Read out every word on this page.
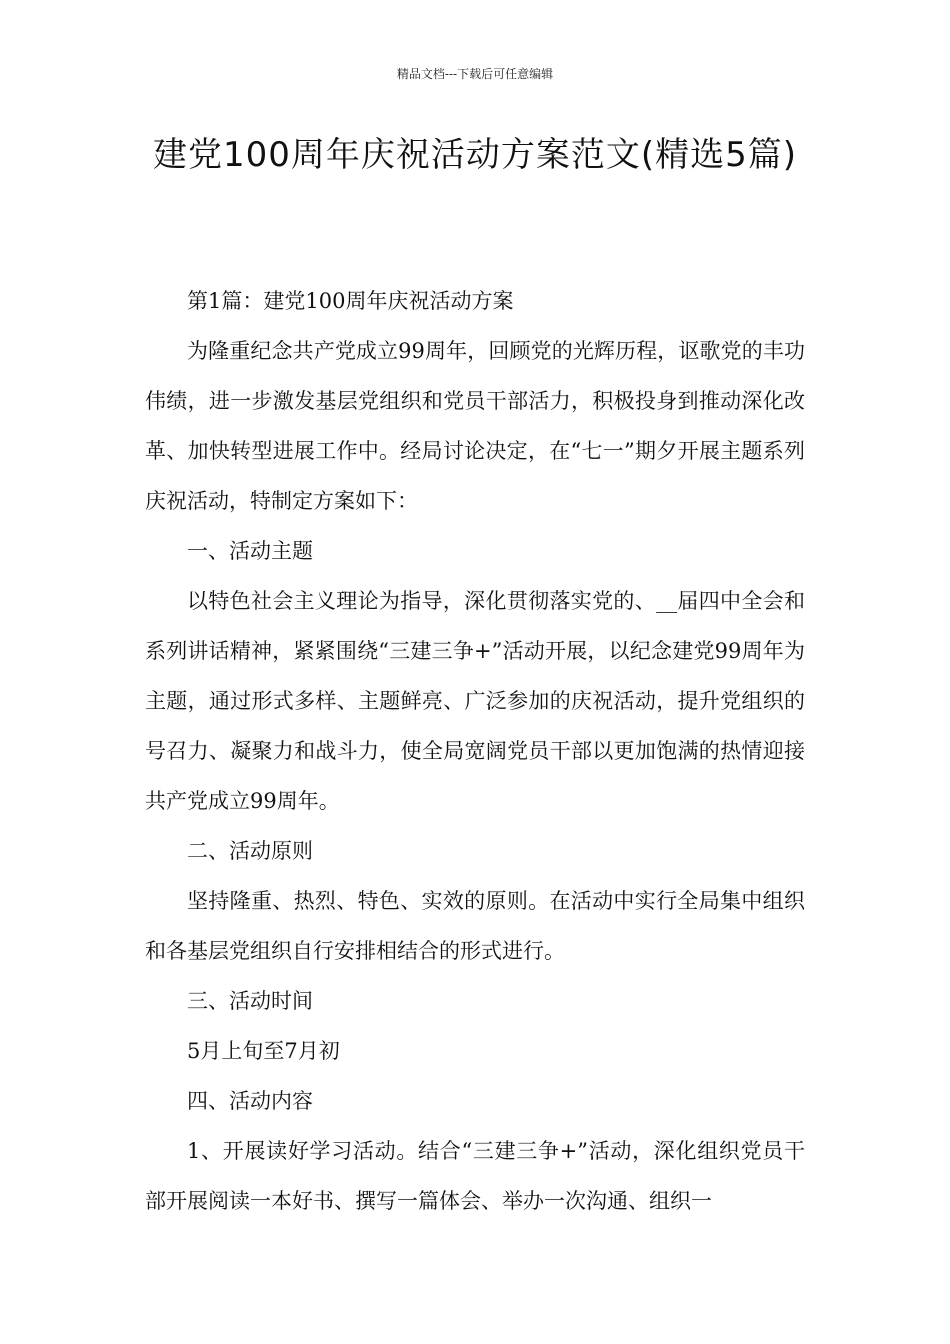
精品文档---下载后可任意编辑
建党100周年庆祝活动方案范文(精选5篇)

第1篇：建党100周年庆祝活动方案

为隆重纪念共产党成立99周年，回顾党的光辉历程，讴歌党的丰功伟绩，进一步激发基层党组织和党员干部活力，积极投身到推动深化改革、加快转型进展工作中。经局讨论决定，在“七一”期夕开展主题系列庆祝活动，特制定方案如下：

一、活动主题

以特色社会主义理论为指导，深化贯彻落实党的、__届四中全会和系列讲话精神，紧紧围绕“三建三争+”活动开展，以纪念建党99周年为主题，通过形式多样、主题鲜亮、广泛参加的庆祝活动，提升党组织的号召力、凝聚力和战斗力，使全局宽阔党员干部以更加饱满的热情迎接共产党成立99周年。

二、活动原则

坚持隆重、热烈、特色、实效的原则。在活动中实行全局集中组织和各基层党组织自行安排相结合的形式进行。

三、活动时间

5月上旬至7月初

四、活动内容

1、开展读好学习活动。结合“三建三争+”活动，深化组织党员干部开展阅读一本好书、撰写一篇体会、举办一次沟通、组织一
